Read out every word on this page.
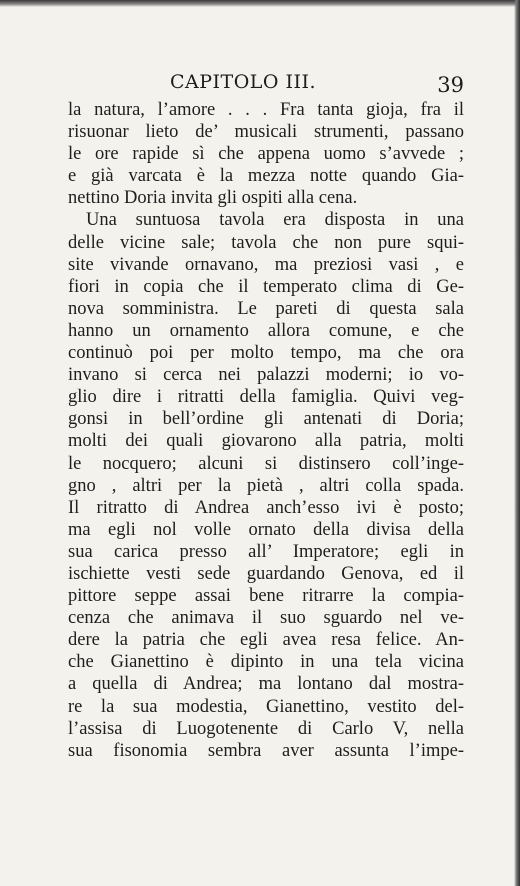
CAPITOLO III.	39
la natura, l’amore . . . Fra tanta gioja, fra il
risuonar lieto de’ musicali strumenti, passano
le ore rapide sì che appena uomo s’avvede ;
e già varcata è la mezza notte quando Gia-
nettino Doria invita gli ospiti alla cena.
Una suntuosa tavola era disposta in una
delle vicine sale; tavola che non pure squi-
site vivande ornavano, ma preziosi vasi , e
fiori in copia che il temperato clima di Ge-
nova somministra. Le pareti di questa sala
hanno un ornamento allora comune, e che
continuò poi per molto tempo, ma che ora
invano si cerca nei palazzi moderni; io vo-
glio dire i ritratti della famiglia. Quivi veg-
gonsi in bell’ordine gli antenati di Doria;
molti dei quali giovarono alla patria, molti
le nocquero; alcuni si distinsero coll’inge-
gno , altri per la pietà , altri colla spada.
Il ritratto di Andrea anch’esso ivi è posto;
ma egli nol volle ornato della divisa della
sua carica presso all’ Imperatore; egli in
ischiette vesti sede guardando Genova, ed il
pittore seppe assai bene ritrarre la compia-
cenza che animava il suo sguardo nel ve-
dere la patria che egli avea resa felice. An-
che Gianettino è dipinto in una tela vicina
a quella di Andrea; ma lontano dal mostra-
re la sua modestia, Gianettino, vestito del-
l’assisa di Luogotenente di Carlo V, nella
sua fisonomia sembra aver assunta l’impe-
